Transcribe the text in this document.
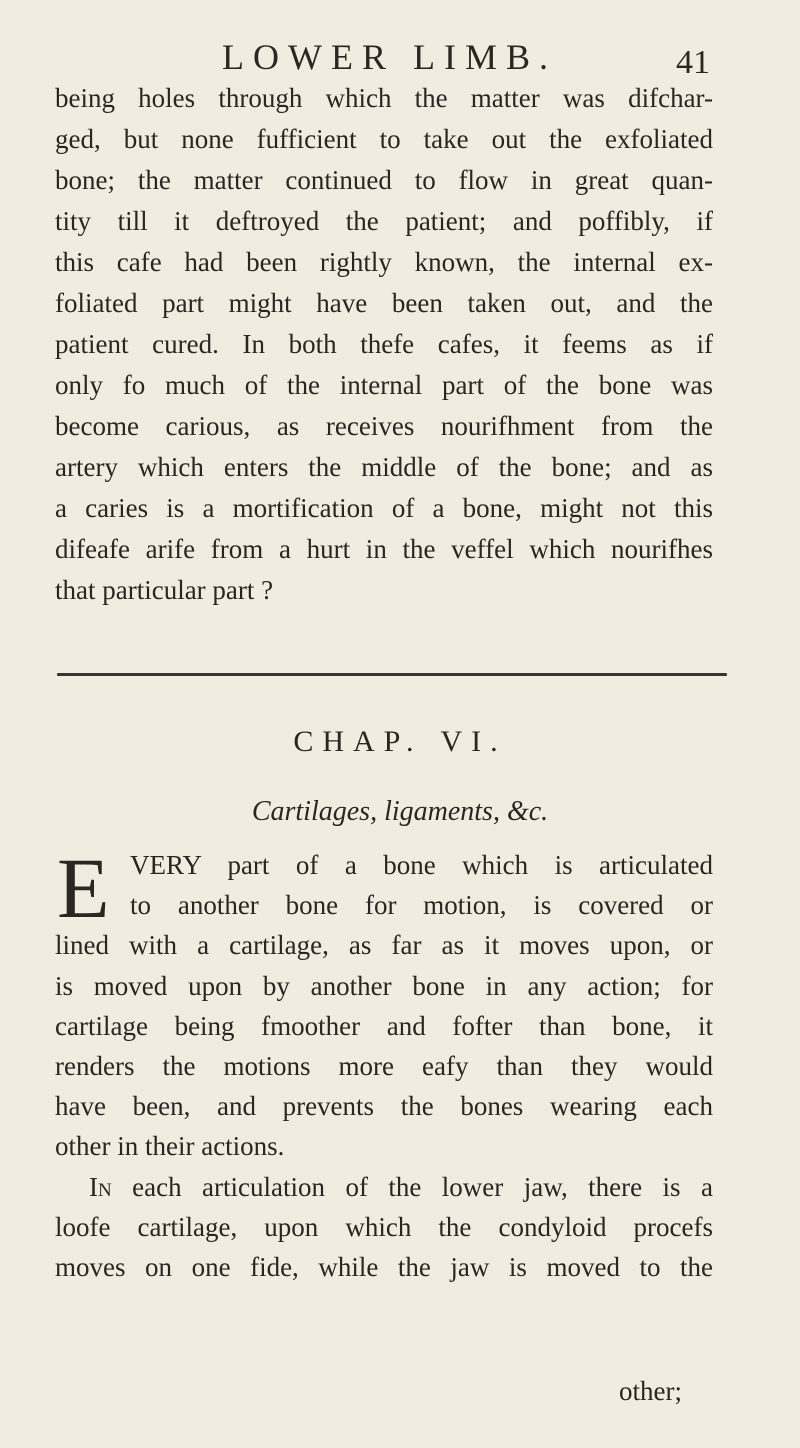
LOWER LIMB.	41
being holes through which the matter was difchar-
ged, but none fufficient to take out the exfoliated
bone; the matter continued to flow in great quan-
tity till it deftroyed the patient; and poffibly, if
this cafe had been rightly known, the internal ex-
foliated part might have been taken out, and the
patient cured. In both thefe cafes, it feems as if
only fo much of the internal part of the bone was
become carious, as receives nourifhment from the
artery which enters the middle of the bone; and as
a caries is a mortification of a bone, might not this
difeafe arife from a hurt in the veffel which nourifhes
that particular part ?
CHAP. VI.
Cartilages, ligaments, &c.
E VERY part of a bone which is articulated
to another bone for motion, is covered or
lined with a cartilage, as far as it moves upon, or
is moved upon by another bone in any action; for
cartilage being fmoother and fofter than bone, it
renders the motions more eafy than they would
have been, and prevents the bones wearing each
other in their actions.
In each articulation of the lower jaw, there is a
loofe cartilage, upon which the condyloid procefs
moves on one fide, while the jaw is moved to the
other;
